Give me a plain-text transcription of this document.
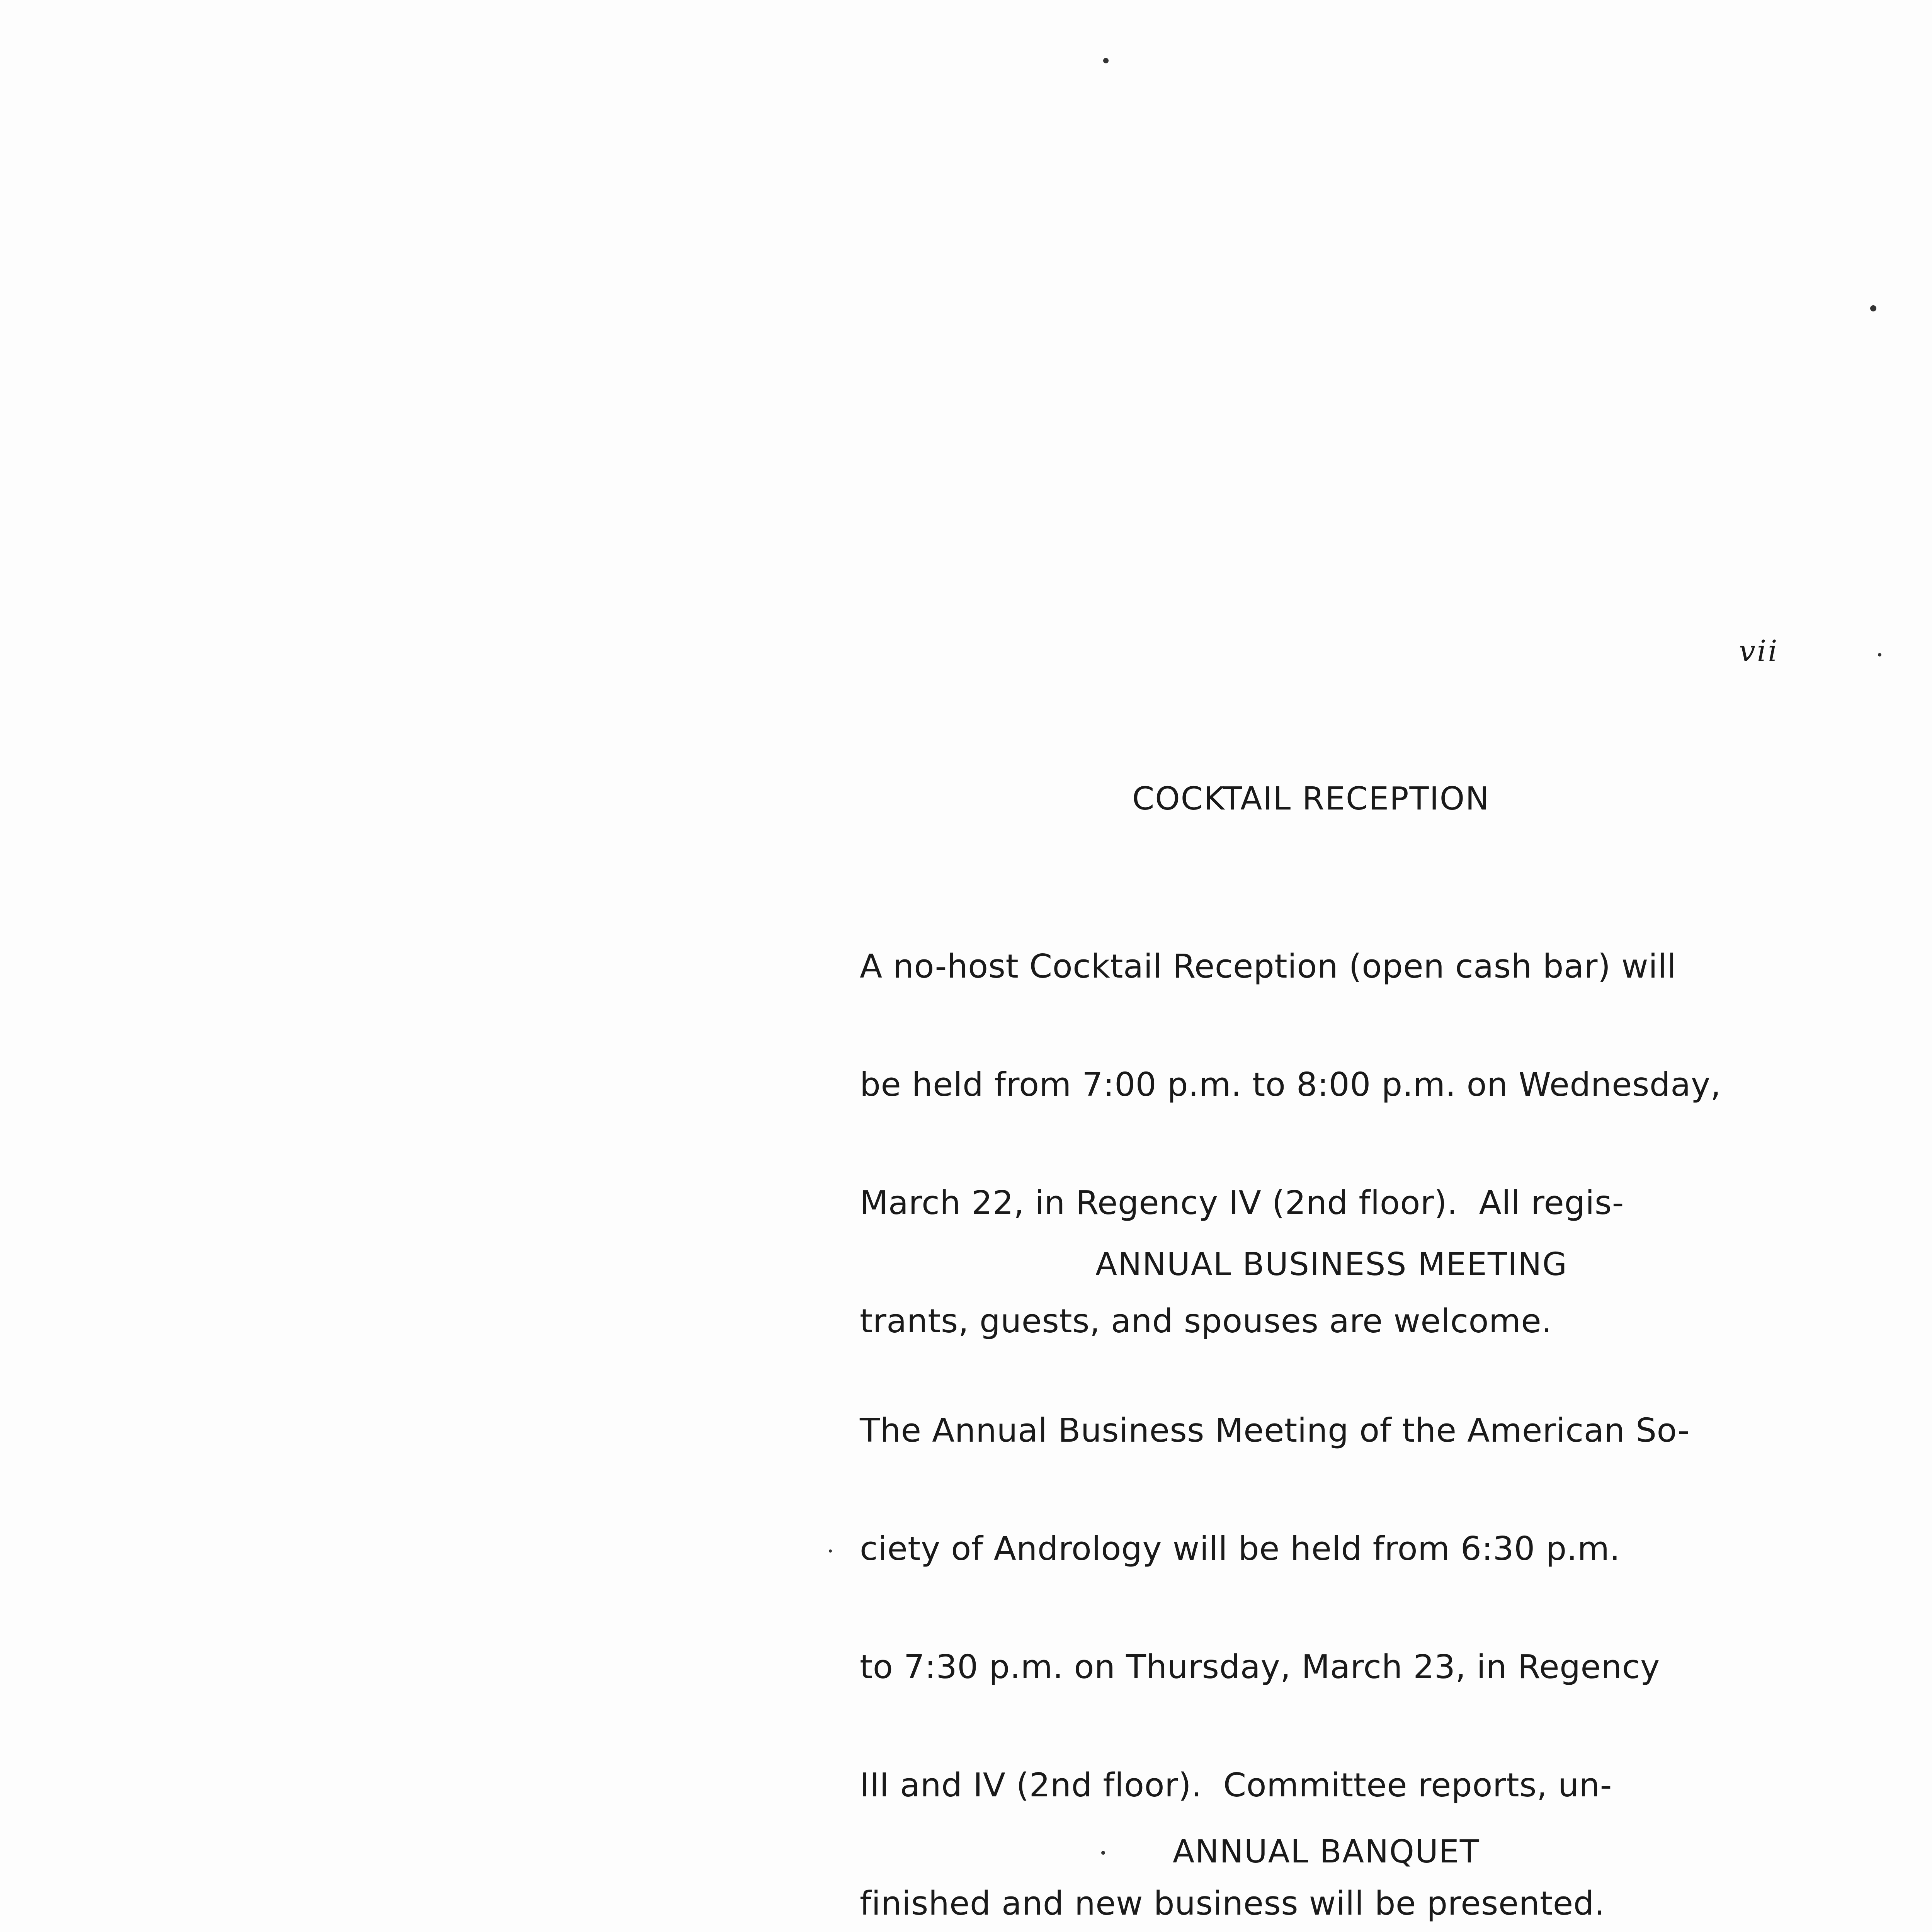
vii
COCKTAIL RECEPTION

A no-host Cocktail Reception (open cash bar) will

be held from 7:00 p.m. to 8:00 p.m. on Wednesday,

March 22, in Regency IV (2nd floor).  All regis-

trants, guests, and spouses are welcome.

ANNUAL BUSINESS MEETING

The Annual Business Meeting of the American So-

ciety of Andrology will be held from 6:30 p.m.

to 7:30 p.m. on Thursday, March 23, in Regency

III and IV (2nd floor).  Committee reports, un-

finished and new business will be presented.

ANNUAL BANQUET
